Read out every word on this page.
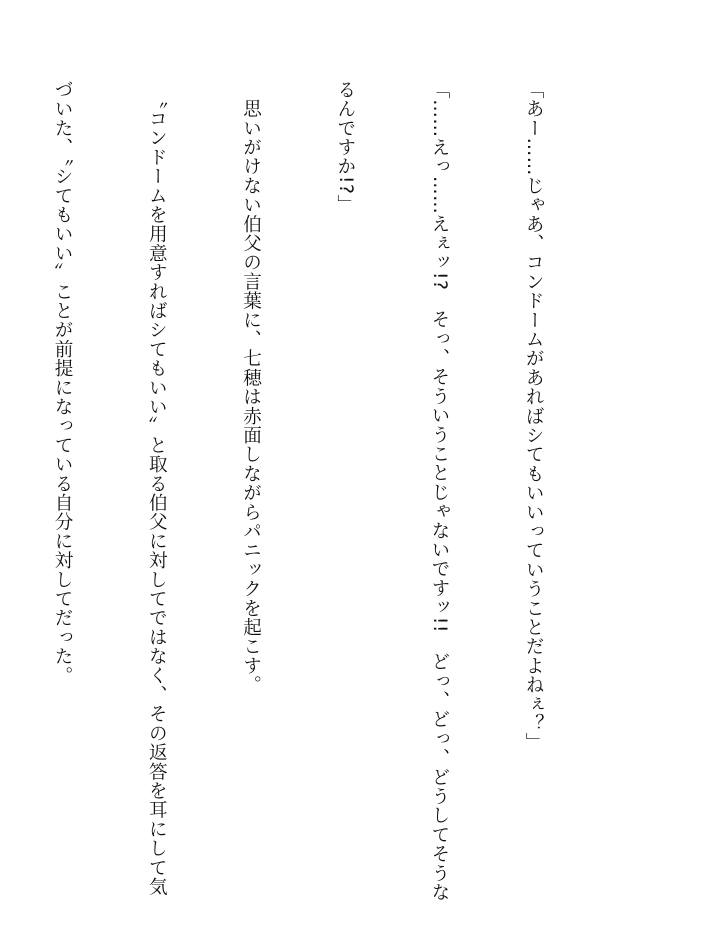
「あー……じゃあ、コンドームがあればシてもいいっていうことだよねぇ？」

「……えっ……えぇッ!?　そっ、そういうことじゃないですッ!!　どっ、どっ、どうしてそうな

るんですか!?」

　思いがけない伯父の言葉に、七穂は赤面しながらパニックを起こす。

　〝コンドームを用意すればシてもいい〟と取る伯父に対してではなく、その返答を耳にして気

づいた、〝シてもいい〟ことが前提になっている自分に対してだった。
